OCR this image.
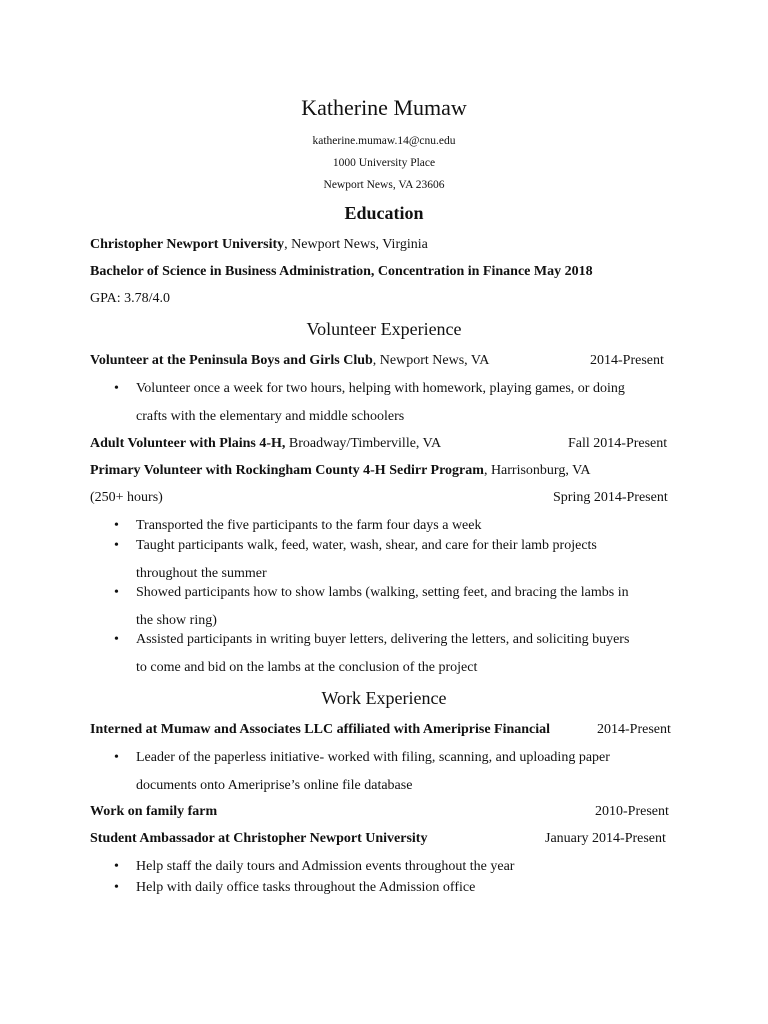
Katherine Mumaw
katherine.mumaw.14@cnu.edu
1000 University Place
Newport News, VA 23606
Education
Christopher Newport University, Newport News, Virginia
Bachelor of Science in Business Administration, Concentration in Finance May 2018
GPA: 3.78/4.0
Volunteer Experience
Volunteer at the Peninsula Boys and Girls Club, Newport News, VA	2014-Present
• Volunteer once a week for two hours, helping with homework, playing games, or doing
crafts with the elementary and middle schoolers
Adult Volunteer with Plains 4-H, Broadway/Timberville, VA	Fall 2014-Present
Primary Volunteer with Rockingham County 4-H Sedirr Program, Harrisonburg, VA
(250+ hours)	Spring 2014-Present
• Transported the five participants to the farm four days a week
• Taught participants walk, feed, water, wash, shear, and care for their lamb projects
throughout the summer
• Showed participants how to show lambs (walking, setting feet, and bracing the lambs in
the show ring)
• Assisted participants in writing buyer letters, delivering the letters, and soliciting buyers
to come and bid on the lambs at the conclusion of the project
Work Experience
Interned at Mumaw and Associates LLC affiliated with Ameriprise Financial	2014-Present
• Leader of the paperless initiative- worked with filing, scanning, and uploading paper
documents onto Ameriprise’s online file database
Work on family farm	2010-Present
Student Ambassador at Christopher Newport University	January 2014-Present
• Help staff the daily tours and Admission events throughout the year
• Help with daily office tasks throughout the Admission office
